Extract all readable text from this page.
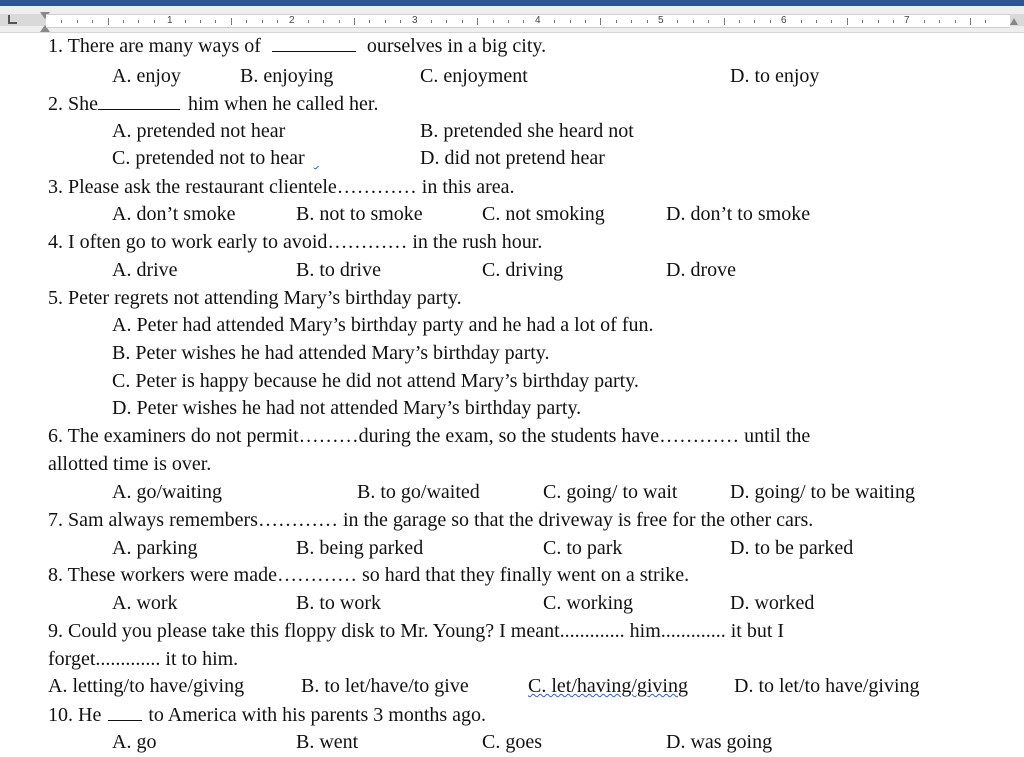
1	2	3	4	5	6	7
1. There are many ways of	ourselves in a big city.
A. enjoy	B. enjoying	C. enjoyment	D. to enjoy
2. She	him when he called her.
A. pretended not hear	B. pretended she heard not
C. pretended not to hear	D. did not pretend hear
3. Please ask the restaurant clientele………… in this area.
A. don’t smoke	B. not to smoke	C. not smoking	D. don’t to smoke
4. I often go to work early to avoid………… in the rush hour.
A. drive	B. to drive	C. driving	D. drove
5. Peter regrets not attending Mary’s birthday party.
A. Peter had attended Mary’s birthday party and he had a lot of fun.
B. Peter wishes he had attended Mary’s birthday party.
C. Peter is happy because he did not attend Mary’s birthday party.
D. Peter wishes he had not attended Mary’s birthday party.
6. The examiners do not permit………during the exam, so the students have………… until the
allotted time is over.
A. go/waiting	B. to go/waited	C. going/ to wait	D. going/ to be waiting
7. Sam always remembers………… in the garage so that the driveway is free for the other cars.
A. parking	B. being parked	C. to park	D. to be parked
8. These workers were made………… so hard that they finally went on a strike.
A. work	B. to work	C. working	D. worked
9. Could you please take this floppy disk to Mr. Young? I meant............. him............. it but I
forget............. it to him.
A. letting/to have/giving	B. to let/have/to give	C. let/having/giving D. to let/to have/giving
10. He to America with his parents 3 months ago.
A. go	B. went	C. goes	D. was going
